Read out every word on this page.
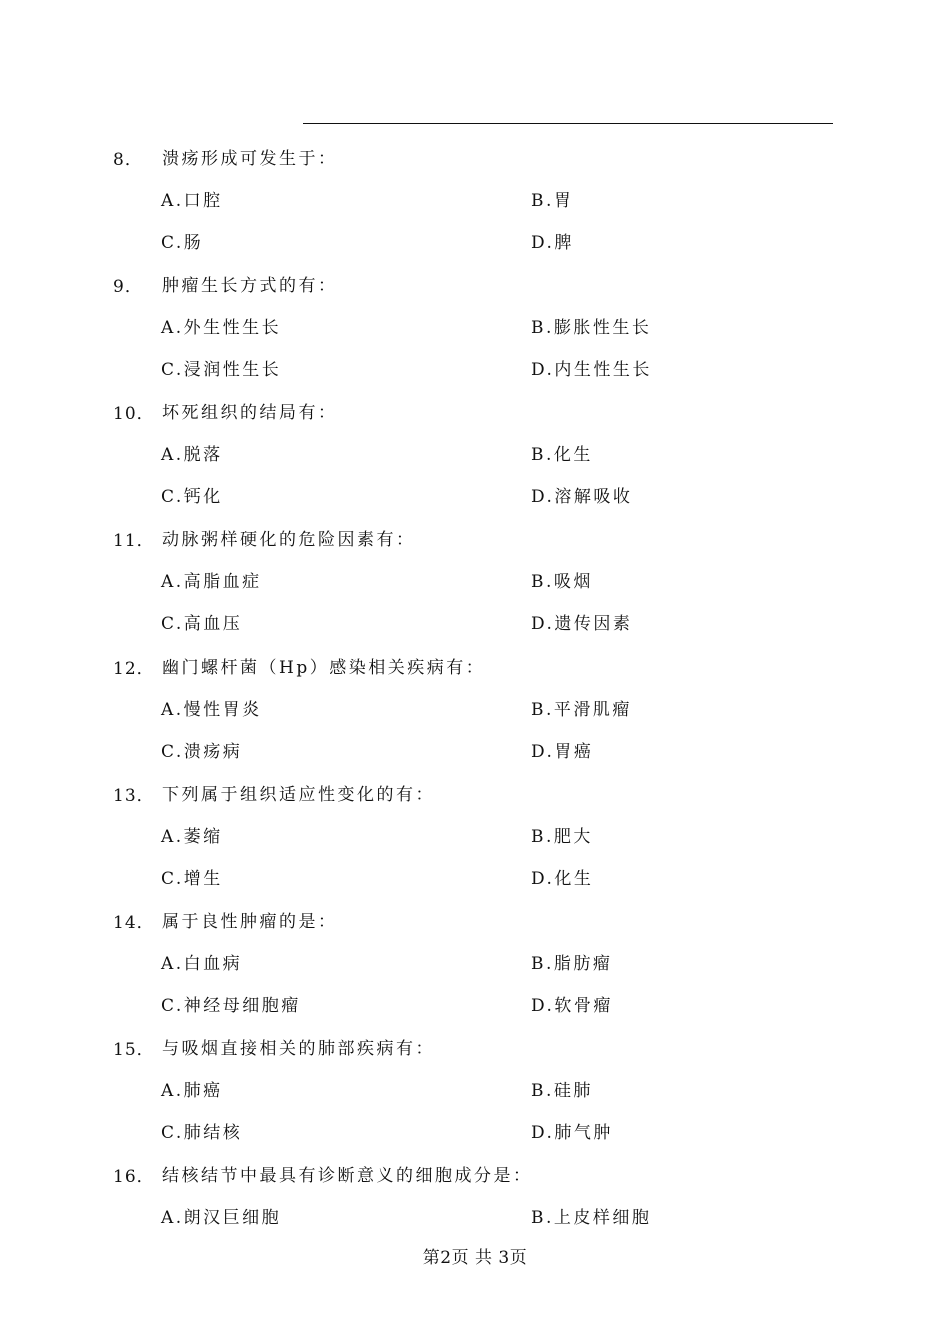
8． 溃疡形成可发生于：
A.口腔	B.胃
C.肠	D.脾
9． 肿瘤生长方式的有：
A.外生性生长	B.膨胀性生长
C.浸润性生长	D.内生性生长
10． 坏死组织的结局有：
A.脱落	B.化生
C.钙化	D.溶解吸收
11． 动脉粥样硬化的危险因素有：
A.高脂血症	B.吸烟
C.高血压	D.遗传因素
12． 幽门螺杆菌（Hp）感染相关疾病有：
A.慢性胃炎	B.平滑肌瘤
C.溃疡病	D.胃癌
13． 下列属于组织适应性变化的有：
A.萎缩	B.肥大
C.增生	D.化生
14． 属于良性肿瘤的是：
A.白血病	B.脂肪瘤
C.神经母细胞瘤	D.软骨瘤
15． 与吸烟直接相关的肺部疾病有：
A.肺癌	B.硅肺
C.肺结核	D.肺气肿
16． 结核结节中最具有诊断意义的细胞成分是：
A.朗汉巨细胞	B.上皮样细胞
第2页 共 3页
